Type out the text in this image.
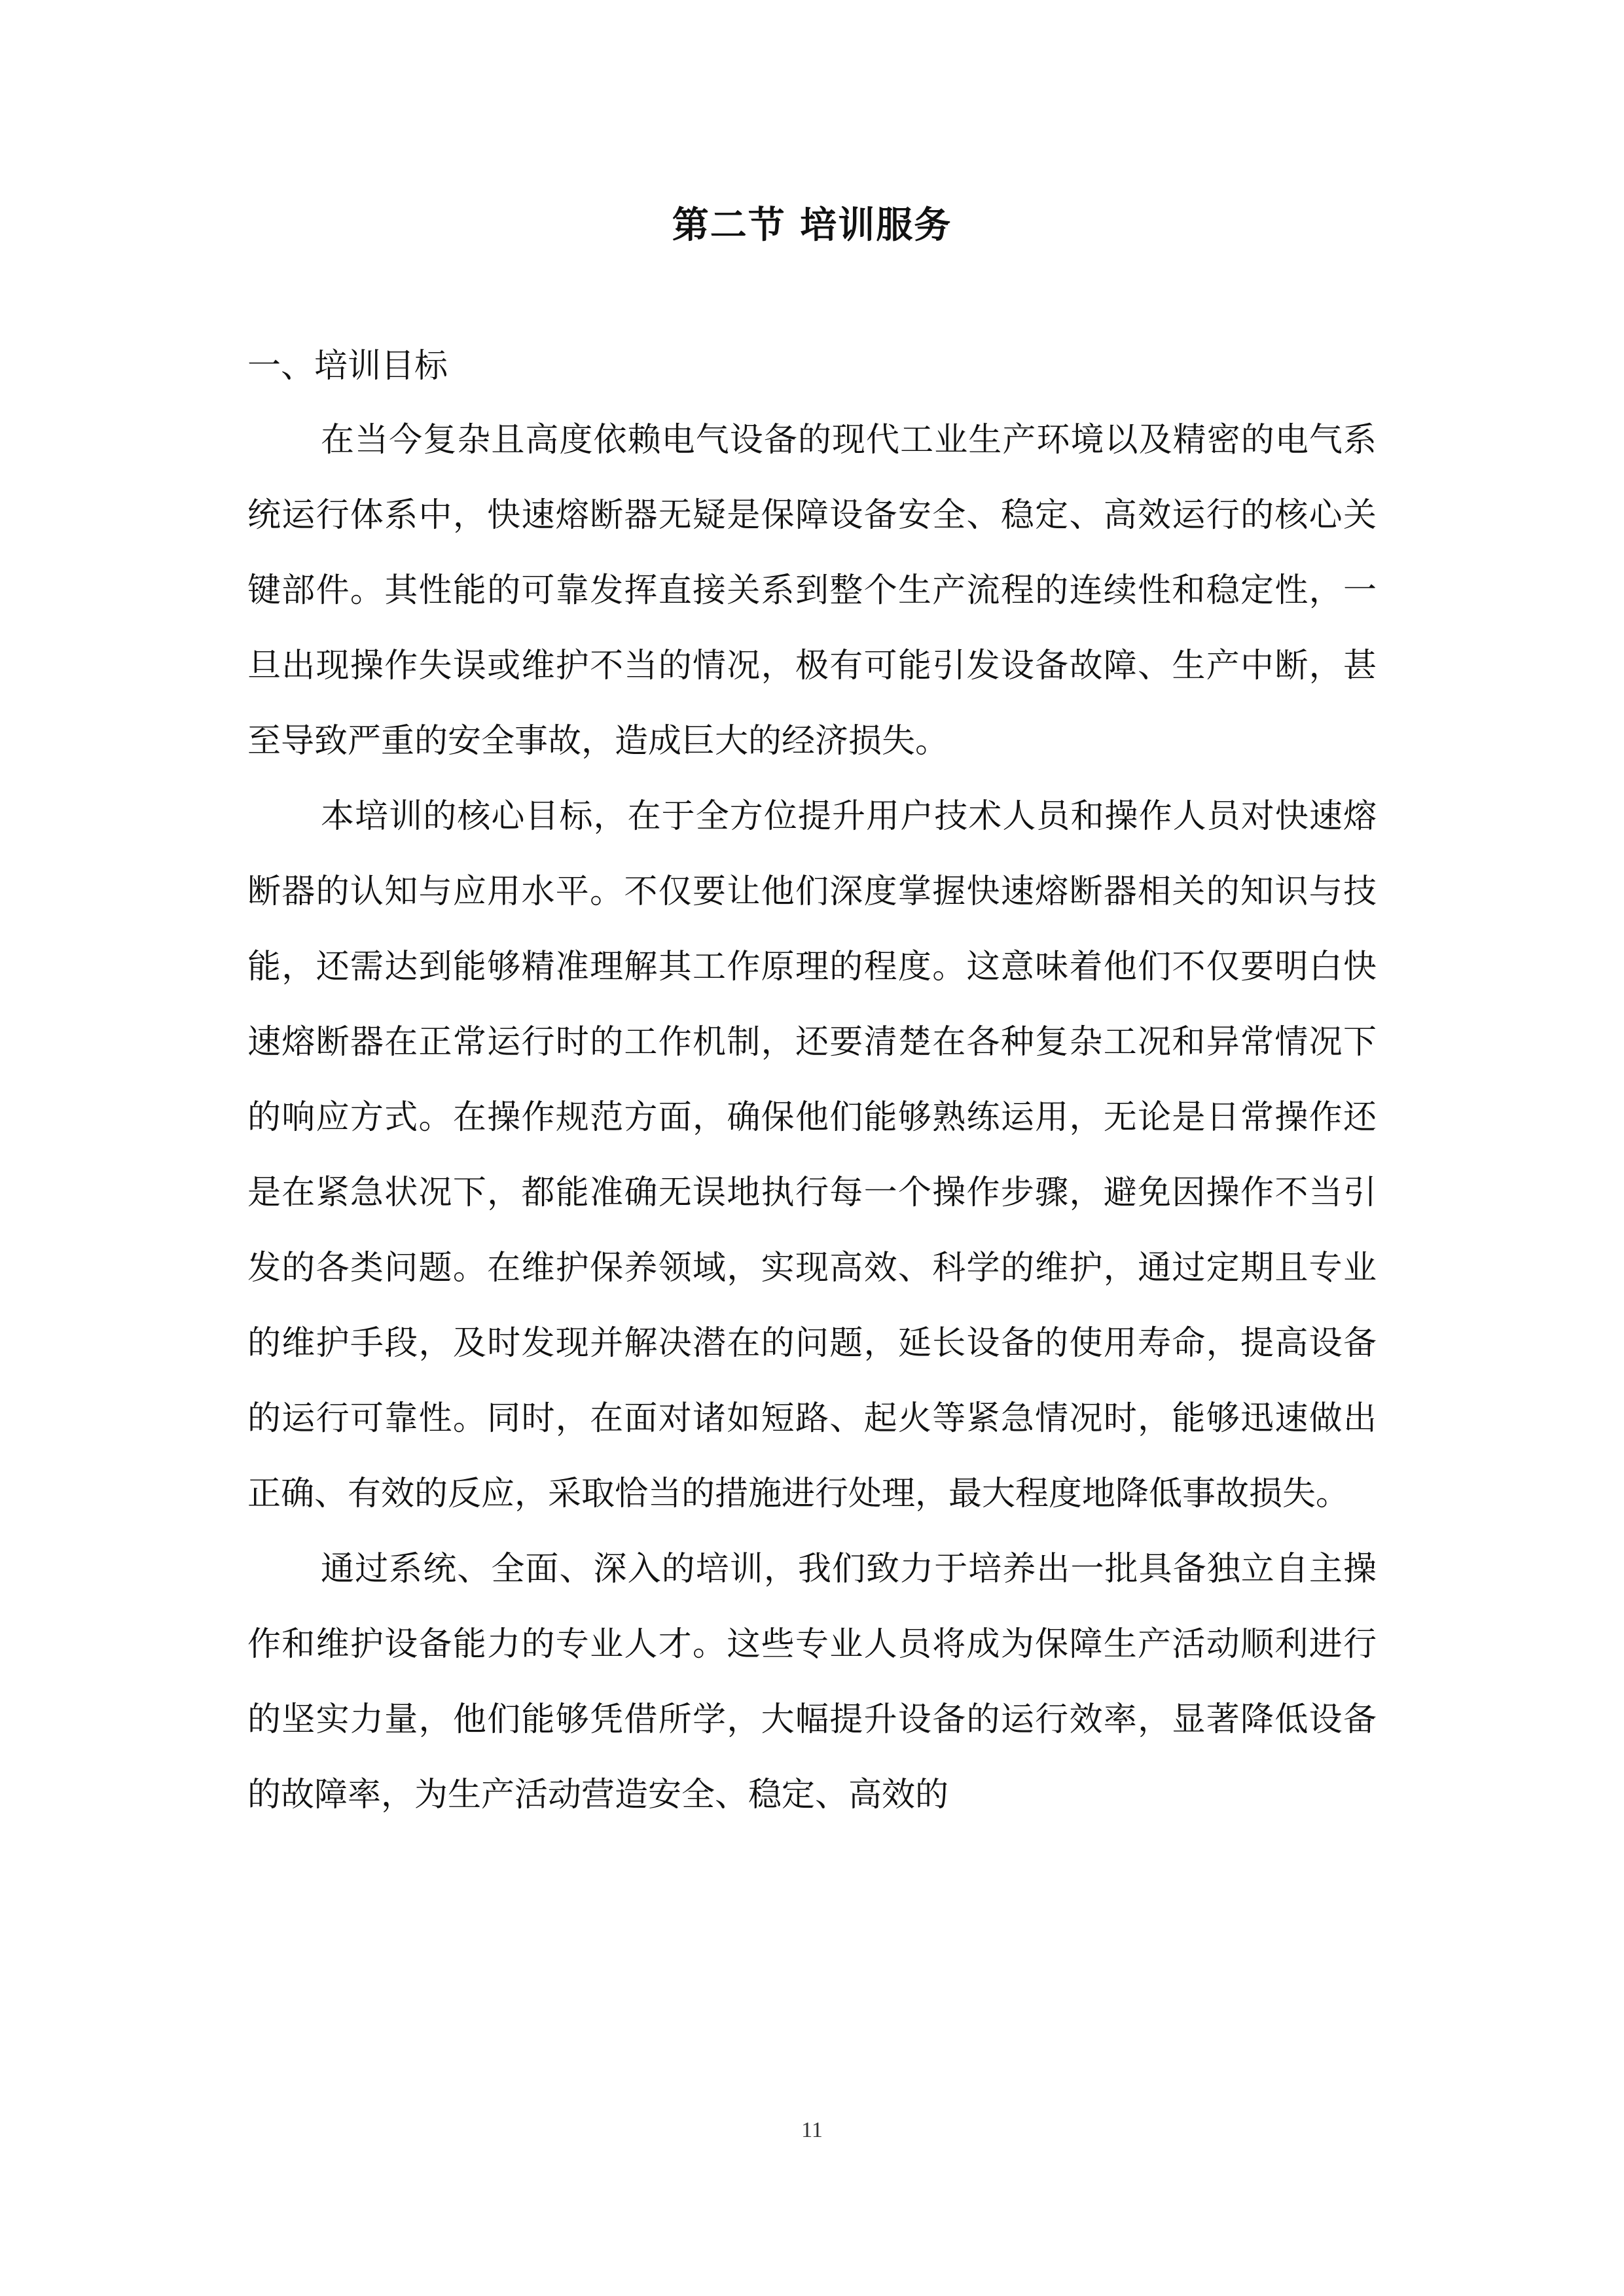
第二节 培训服务
一、培训目标

在当今复杂且高度依赖电气设备的现代工业生产环境以及精密的电气系统运行体系中，快速熔断器无疑是保障设备安全、稳定、高效运行的核心关键部件。其性能的可靠发挥直接关系到整个生产流程的连续性和稳定性，一旦出现操作失误或维护不当的情况，极有可能引发设备故障、生产中断，甚至导致严重的安全事故，造成巨大的经济损失。

本培训的核心目标，在于全方位提升用户技术人员和操作人员对快速熔断器的认知与应用水平。不仅要让他们深度掌握快速熔断器相关的知识与技能，还需达到能够精准理解其工作原理的程度。这意味着他们不仅要明白快速熔断器在正常运行时的工作机制，还要清楚在各种复杂工况和异常情况下的响应方式。在操作规范方面，确保他们能够熟练运用，无论是日常操作还是在紧急状况下，都能准确无误地执行每一个操作步骤，避免因操作不当引发的各类问题。在维护保养领域，实现高效、科学的维护，通过定期且专业的维护手段，及时发现并解决潜在的问题，延长设备的使用寿命，提高设备的运行可靠性。同时，在面对诸如短路、起火等紧急情况时，能够迅速做出正确、有效的反应，采取恰当的措施进行处理，最大程度地降低事故损失。

通过系统、全面、深入的培训，我们致力于培养出一批具备独立自主操作和维护设备能力的专业人才。这些专业人员将成为保障生产活动顺利进行的坚实力量，他们能够凭借所学，大幅提升设备的运行效率，显著降低设备的故障率，为生产活动营造安全、稳定、高效的

11
